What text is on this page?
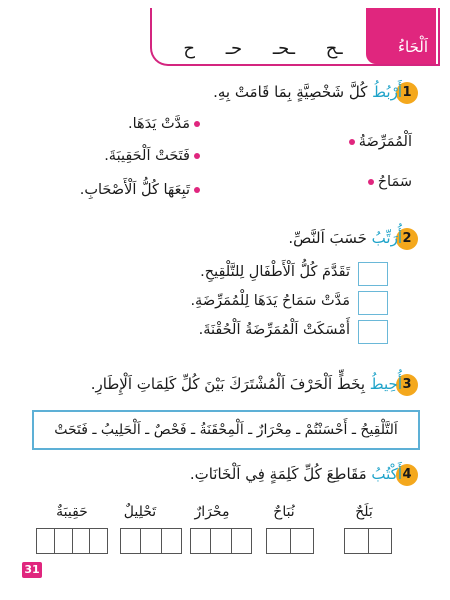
اَلْحَاءُ
ـح
ـحـ
حـ
ح
1
أَرْبُطُ كُلَّ شَخْصِيَّةٍ بِمَا قَامَتْ بِهِ.
مَدَّتْ يَدَهَا.
فَتَحَتْ اَلْحَقِيبَةَ.
تَبِعَهَا كُلُّ اَلْأَصْحَابِ.
اَلْمُمَرِّضَةُ
سَمَاحُ
2
أُرَتِّبُ حَسَبَ اَلنَّصِّ.
تَقَدَّمَ كُلُّ اَلْأَطْفَالِ لِلتَّلْقِيحِ.
مَدَّتْ سَمَاحُ يَدَهَا لِلْمُمَرِّضَةِ.
أَمْسَكَتْ اَلْمُمَرِّضَةُ اَلْحُقْنَةَ.
3
أُحِيطُ بِخَطٍّ اَلْحَرْفَ اَلْمُشْتَرَكَ بَيْنَ كُلِّ كَلِمَاتِ اَلْإِطَارِ.
اَلتَّلْقِيحُ ـ أَحْسَنْتُمْ ـ مِحْرَارٌ ـ اَلْمِحْقَنَةُ ـ فَحْصٌ ـ اَلْحَلِيبُ ـ فَتَحَتْ
4
أَكْتُبُ مَقَاطِعَ كُلِّ كَلِمَةٍ فِي اَلْخَانَاتِ.
بَلَحٌ
نُبَاحٌ
مِحْرَارٌ
تَحْلِيلٌ
حَقِيبَةٌ
31
